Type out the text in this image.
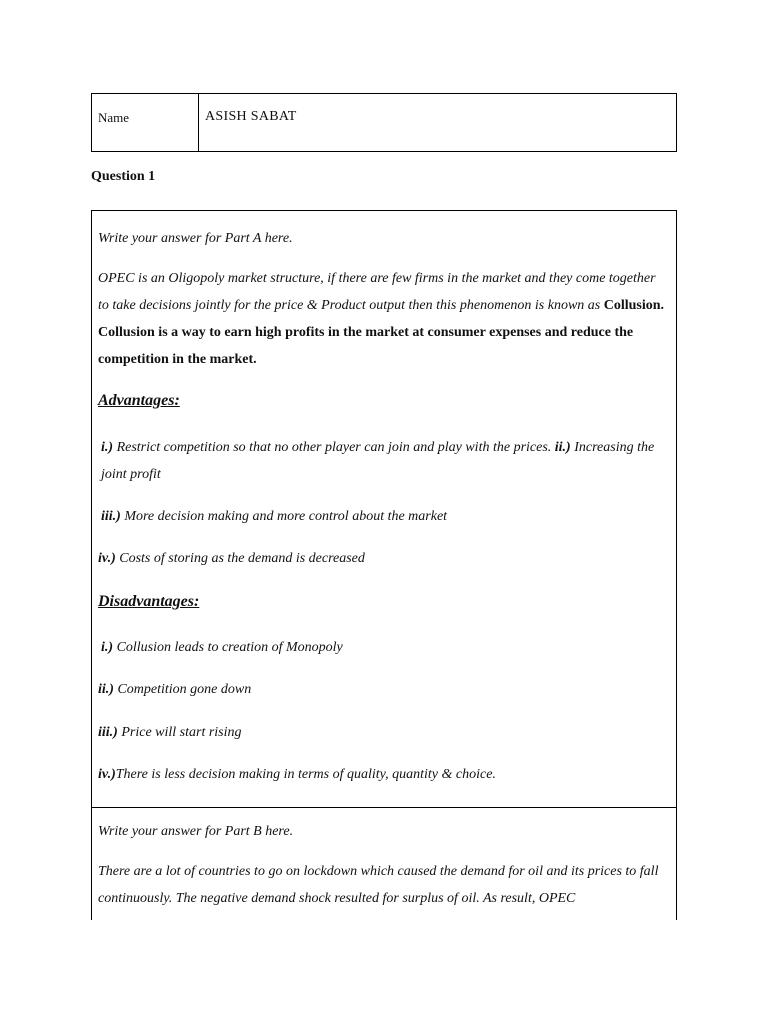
Name	ASISH SABAT
Question 1

Write your answer for Part A here.

OPEC is an Oligopoly market structure, if there are few firms in the market and they come together to take decisions jointly for the price & Product output then this phenomenon is known as Collusion. Collusion is a way to earn high profits in the market at consumer expenses and reduce the competition in the market.

Advantages:

i.) Restrict competition so that no other player can join and play with the prices. ii.) Increasing the joint profit

iii.) More decision making and more control about the market

iv.) Costs of storing as the demand is decreased

Disadvantages:

i.) Collusion leads to creation of Monopoly

ii.) Competition gone down

iii.) Price will start rising

iv.)There is less decision making in terms of quality, quantity & choice.

Write your answer for Part B here.

There are a lot of countries to go on lockdown which caused the demand for oil and its prices to fall continuously. The negative demand shock resulted for surplus of oil. As result, OPEC
